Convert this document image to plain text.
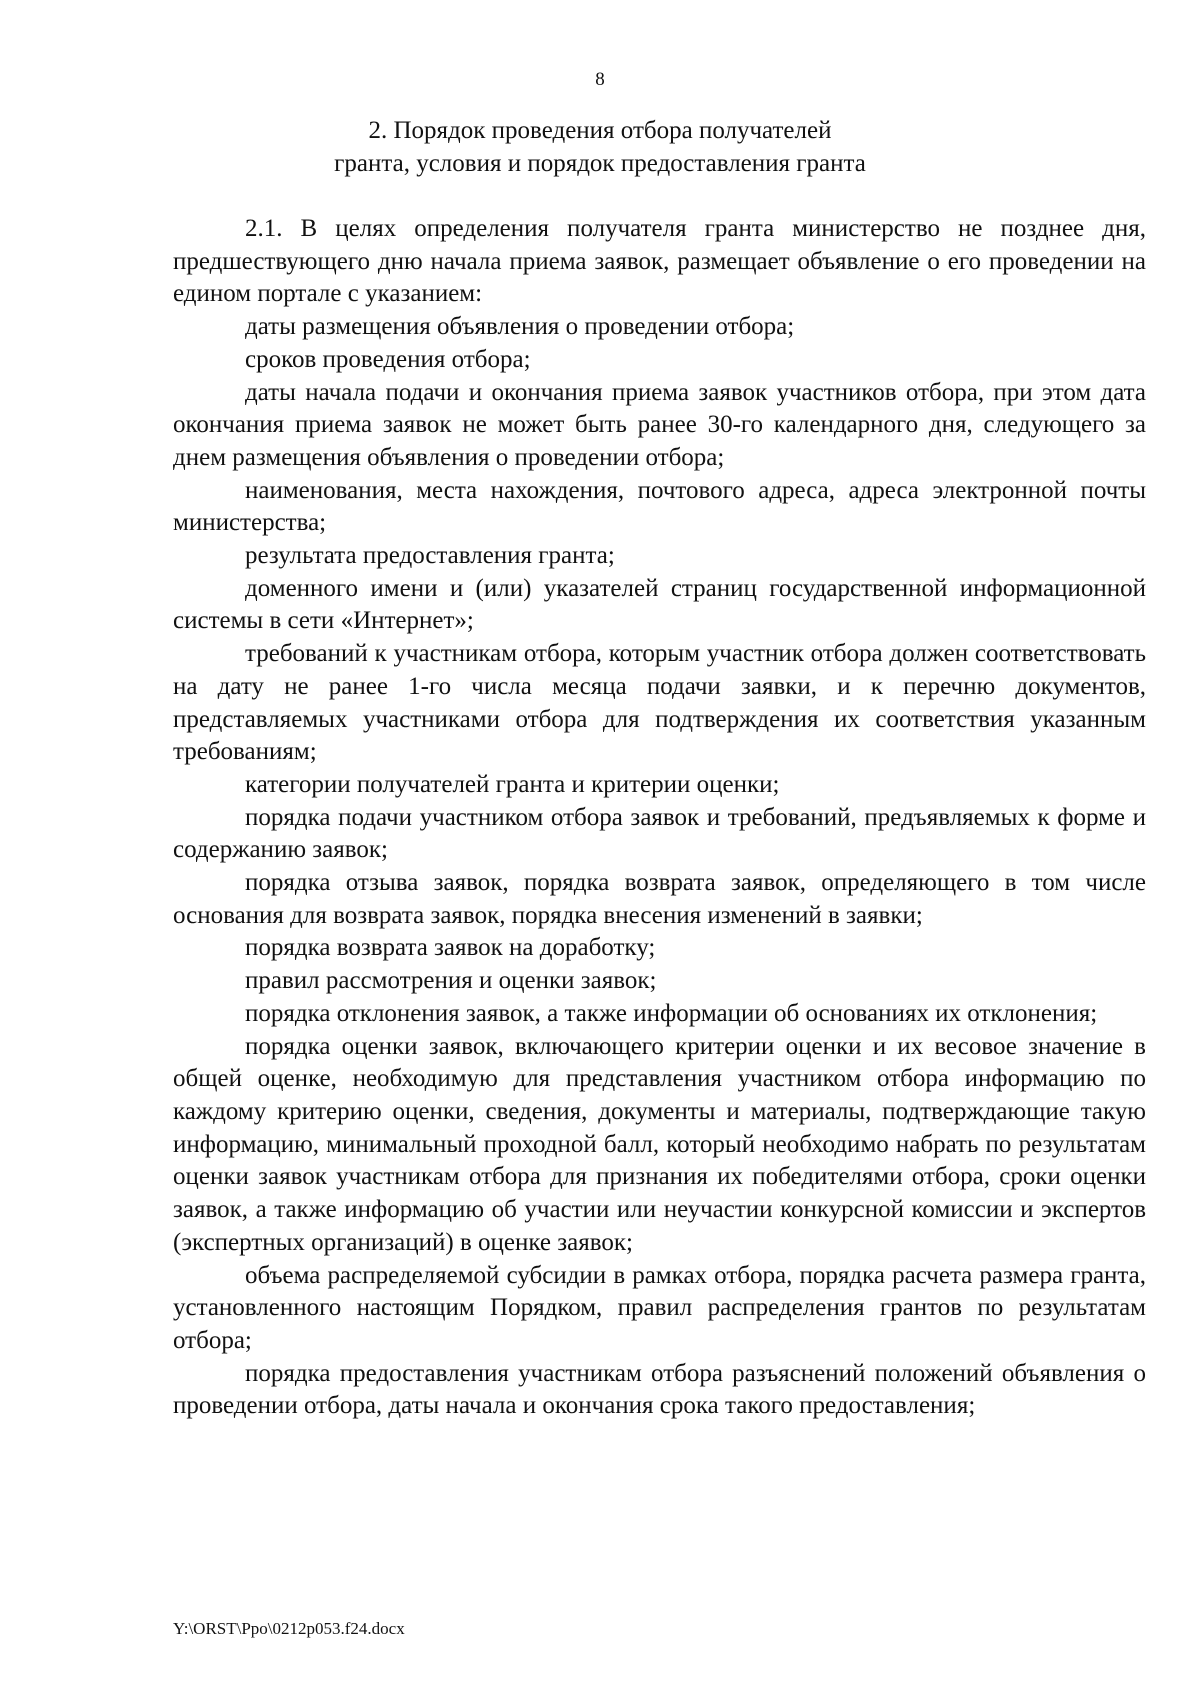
8
2. Порядок проведения отбора получателей
гранта, условия и порядок предоставления гранта

2.1. В целях определения получателя гранта министерство не позднее дня, предшествующего дню начала приема заявок, размещает объявление о его проведении на едином портале с указанием:

даты размещения объявления о проведении отбора;

сроков проведения отбора;

даты начала подачи и окончания приема заявок участников отбора, при этом дата окончания приема заявок не может быть ранее 30-го календарного дня, следующего за днем размещения объявления о проведении отбора;

наименования, места нахождения, почтового адреса, адреса электронной почты министерства;

результата предоставления гранта;

доменного имени и (или) указателей страниц государственной информационной системы в сети «Интернет»;

требований к участникам отбора, которым участник отбора должен соответствовать на дату не ранее 1-го числа месяца подачи заявки, и к перечню документов, представляемых участниками отбора для подтверждения их соответствия указанным требованиям;

категории получателей гранта и критерии оценки;

порядка подачи участником отбора заявок и требований, предъявляемых к форме и содержанию заявок;

порядка отзыва заявок, порядка возврата заявок, определяющего в том числе основания для возврата заявок, порядка внесения изменений в заявки;

порядка возврата заявок на доработку;

правил рассмотрения и оценки заявок;

порядка отклонения заявок, а также информации об основаниях их отклонения;

порядка оценки заявок, включающего критерии оценки и их весовое значение в общей оценке, необходимую для представления участником отбора информацию по каждому критерию оценки, сведения, документы и материалы, подтверждающие такую информацию, минимальный проходной балл, который необходимо набрать по результатам оценки заявок участникам отбора для признания их победителями отбора, сроки оценки заявок, а также информацию об участии или неучастии конкурсной комиссии и экспертов (экспертных организаций) в оценке заявок;

объема распределяемой субсидии в рамках отбора, порядка расчета размера гранта, установленного настоящим Порядком, правил распределения грантов по результатам отбора;

порядка предоставления участникам отбора разъяснений положений объявления о проведении отбора, даты начала и окончания срока такого предоставления;

Y:\ORST\Ppo\0212p053.f24.docx
